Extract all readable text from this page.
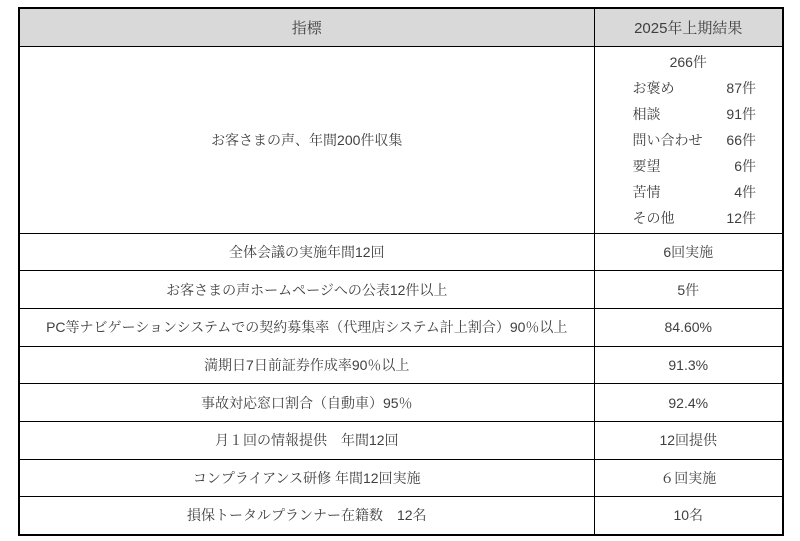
指標	2025年上期結果
お客さまの声、年間200件収集	
266件
お褒め	87件
相談	91件
問い合わせ 66件
要望	6件
苦情	4件
その他	12件

全体会議の実施年間12回	6回実施
お客さまの声ホームページへの公表12件以上	5件
PC等ナビゲーションシステムでの契約募集率（代理店システム計上割合）90％以上	84.60%
満期日7日前証券作成率90％以上	91.3%
事故対応窓口割合（自動車）95％	92.4%
月１回の情報提供　年間12回	12回提供
コンプライアンス研修 年間12回実施	６回実施
損保トータルプランナー在籍数　12名	10名
